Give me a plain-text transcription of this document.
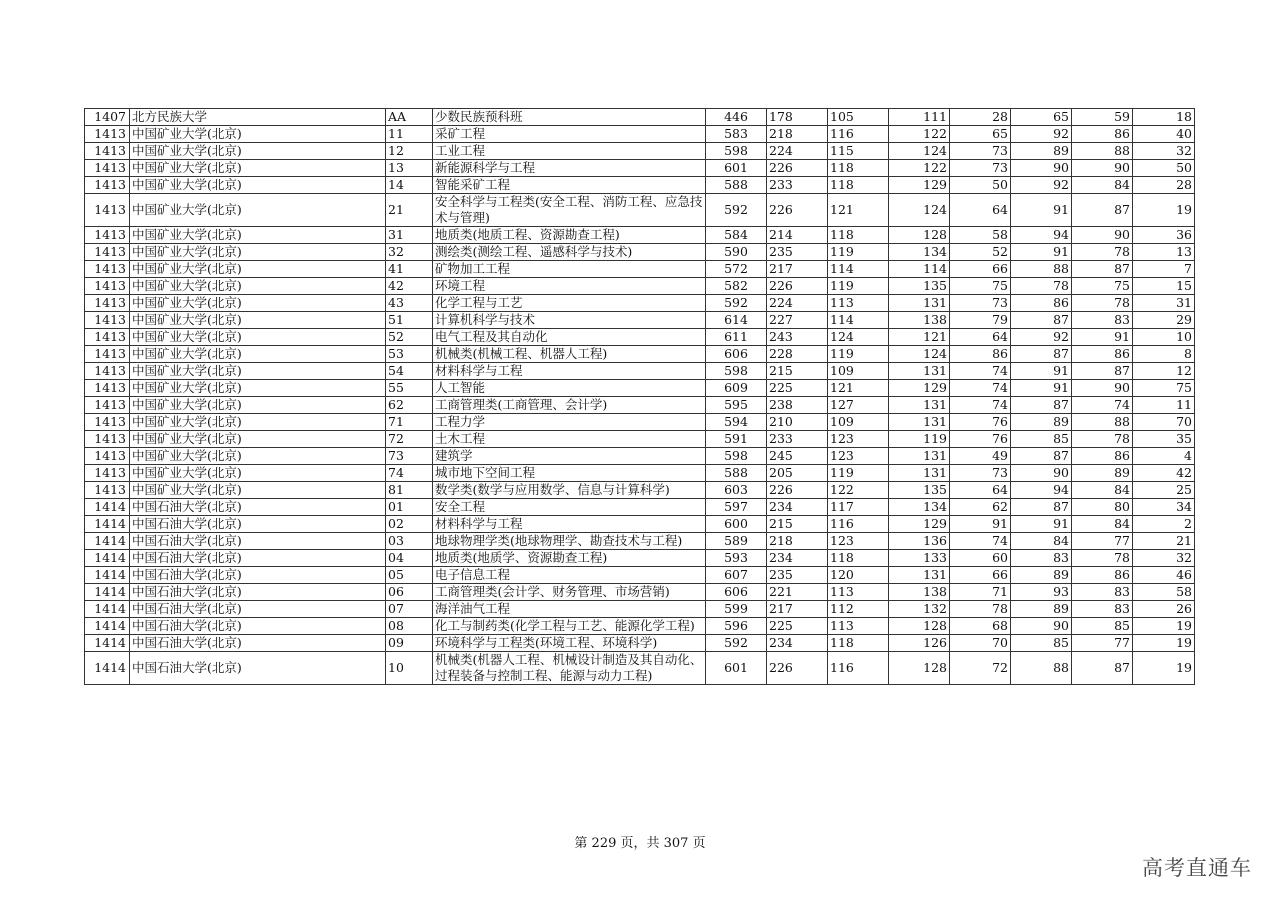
1407	北方民族大学	AA	少数民族预科班	446	178	105	111	28	65	59	18
1413	中国矿业大学(北京)	11	采矿工程	583	218	116	122	65	92	86	40
1413	中国矿业大学(北京)	12	工业工程	598	224	115	124	73	89	88	32
1413	中国矿业大学(北京)	13	新能源科学与工程	601	226	118	122	73	90	90	50
1413	中国矿业大学(北京)	14	智能采矿工程	588	233	118	129	50	92	84	28
1413	中国矿业大学(北京)	21	安全科学与工程类(安全工程、消防工程、应急技术与管理)	592	226	121	124	64	91	87	19
1413	中国矿业大学(北京)	31	地质类(地质工程、资源勘查工程)	584	214	118	128	58	94	90	36
1413	中国矿业大学(北京)	32	测绘类(测绘工程、遥感科学与技术)	590	235	119	134	52	91	78	13
1413	中国矿业大学(北京)	41	矿物加工工程	572	217	114	114	66	88	87	7
1413	中国矿业大学(北京)	42	环境工程	582	226	119	135	75	78	75	15
1413	中国矿业大学(北京)	43	化学工程与工艺	592	224	113	131	73	86	78	31
1413	中国矿业大学(北京)	51	计算机科学与技术	614	227	114	138	79	87	83	29
1413	中国矿业大学(北京)	52	电气工程及其自动化	611	243	124	121	64	92	91	10
1413	中国矿业大学(北京)	53	机械类(机械工程、机器人工程)	606	228	119	124	86	87	86	8
1413	中国矿业大学(北京)	54	材料科学与工程	598	215	109	131	74	91	87	12
1413	中国矿业大学(北京)	55	人工智能	609	225	121	129	74	91	90	75
1413	中国矿业大学(北京)	62	工商管理类(工商管理、会计学)	595	238	127	131	74	87	74	11
1413	中国矿业大学(北京)	71	工程力学	594	210	109	131	76	89	88	70
1413	中国矿业大学(北京)	72	土木工程	591	233	123	119	76	85	78	35
1413	中国矿业大学(北京)	73	建筑学	598	245	123	131	49	87	86	4
1413	中国矿业大学(北京)	74	城市地下空间工程	588	205	119	131	73	90	89	42
1413	中国矿业大学(北京)	81	数学类(数学与应用数学、信息与计算科学)	603	226	122	135	64	94	84	25
1414	中国石油大学(北京)	01	安全工程	597	234	117	134	62	87	80	34
1414	中国石油大学(北京)	02	材料科学与工程	600	215	116	129	91	91	84	2
1414	中国石油大学(北京)	03	地球物理学类(地球物理学、勘查技术与工程)	589	218	123	136	74	84	77	21
1414	中国石油大学(北京)	04	地质类(地质学、资源勘查工程)	593	234	118	133	60	83	78	32
1414	中国石油大学(北京)	05	电子信息工程	607	235	120	131	66	89	86	46
1414	中国石油大学(北京)	06	工商管理类(会计学、财务管理、市场营销)	606	221	113	138	71	93	83	58
1414	中国石油大学(北京)	07	海洋油气工程	599	217	112	132	78	89	83	26
1414	中国石油大学(北京)	08	化工与制药类(化学工程与工艺、能源化学工程)	596	225	113	128	68	90	85	19
1414	中国石油大学(北京)	09	环境科学与工程类(环境工程、环境科学)	592	234	118	126	70	85	77	19
1414	中国石油大学(北京)	10	机械类(机器人工程、机械设计制造及其自动化、过程装备与控制工程、能源与动力工程)	601	226	116	128	72	88	87	19
第 229 页，共 307 页
高考直通车
